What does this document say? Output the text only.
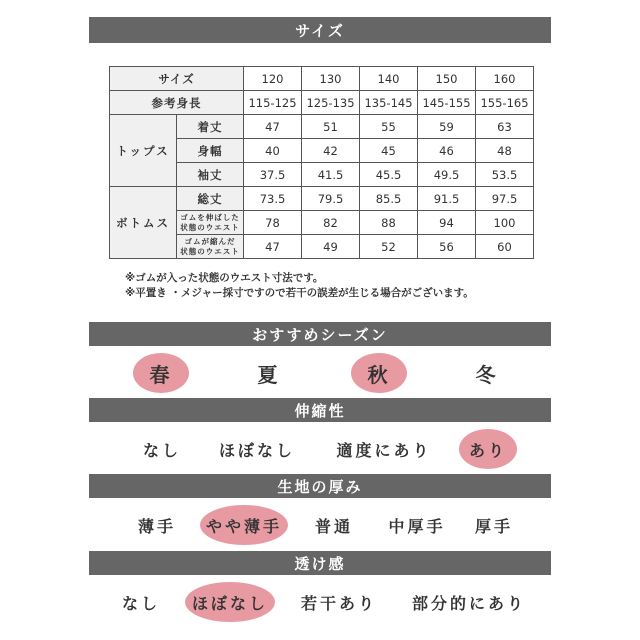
サイズ
サイズ		120	130	140	150	160
参考身長		115-125	125-135	135-145	145-155	155-165
トップス	着丈	47	51	55	59	63
	身幅	40	42	45	46	48
	袖丈	37.5	41.5	45.5	49.5	53.5
ボトムス	総丈	73.5	79.5	85.5	91.5	97.5

	ゴムを伸ばした
状態のウエスト	78	82	88	94	100

	ゴムが縮んだ
状態のウエスト	47	49	52	56	60
※ゴムが入った状態のウエスト寸法です。
※平置き ・メジャー採寸ですので若干の誤差が生じる場合がございます。
おすすめシーズン
春	夏	秋	冬
伸縮性
なし ほぼなし	適度にあり あり
生地の厚み
薄手 やや薄手 普通 中厚手 厚手
透け感
なし ほぼなし 若干あり 部分的にあり
